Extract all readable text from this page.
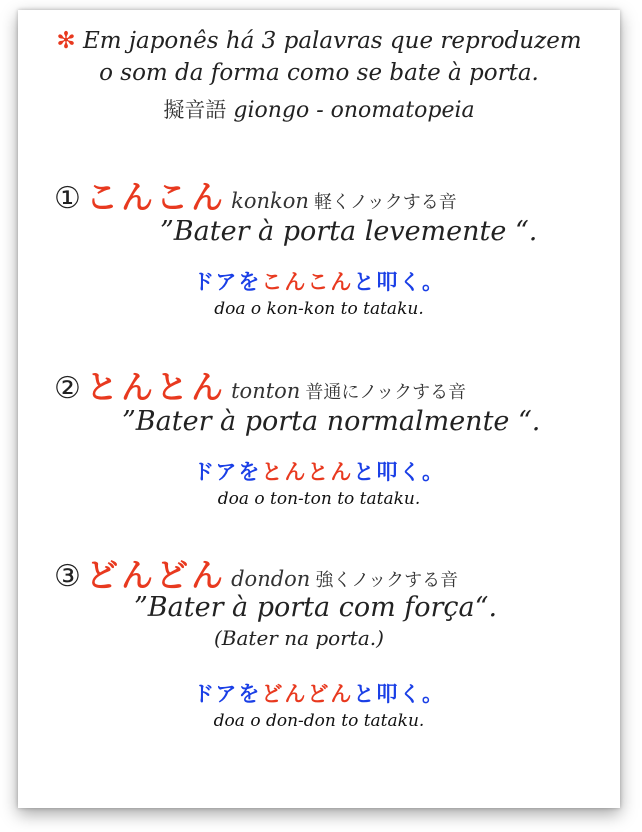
✻ Em japonês há 3 palavras que reproduzem
o som da forma como se bate à porta.
擬音語 giongo - onomatopeia
① こんこん konkon 軽くノックする音
”Bater à porta levemente “.
ドアをこんこんと叩く。
doa o kon-kon to tataku.
② とんとん tonton 普通にノックする音
”Bater à porta normalmente “.
ドアをとんとんと叩く。
doa o ton-ton to tataku.
③ どんどん dondon 強くノックする音
”Bater à porta com força“.
(Bater na porta.)
ドアをどんどんと叩く。
doa o don-don to tataku.
